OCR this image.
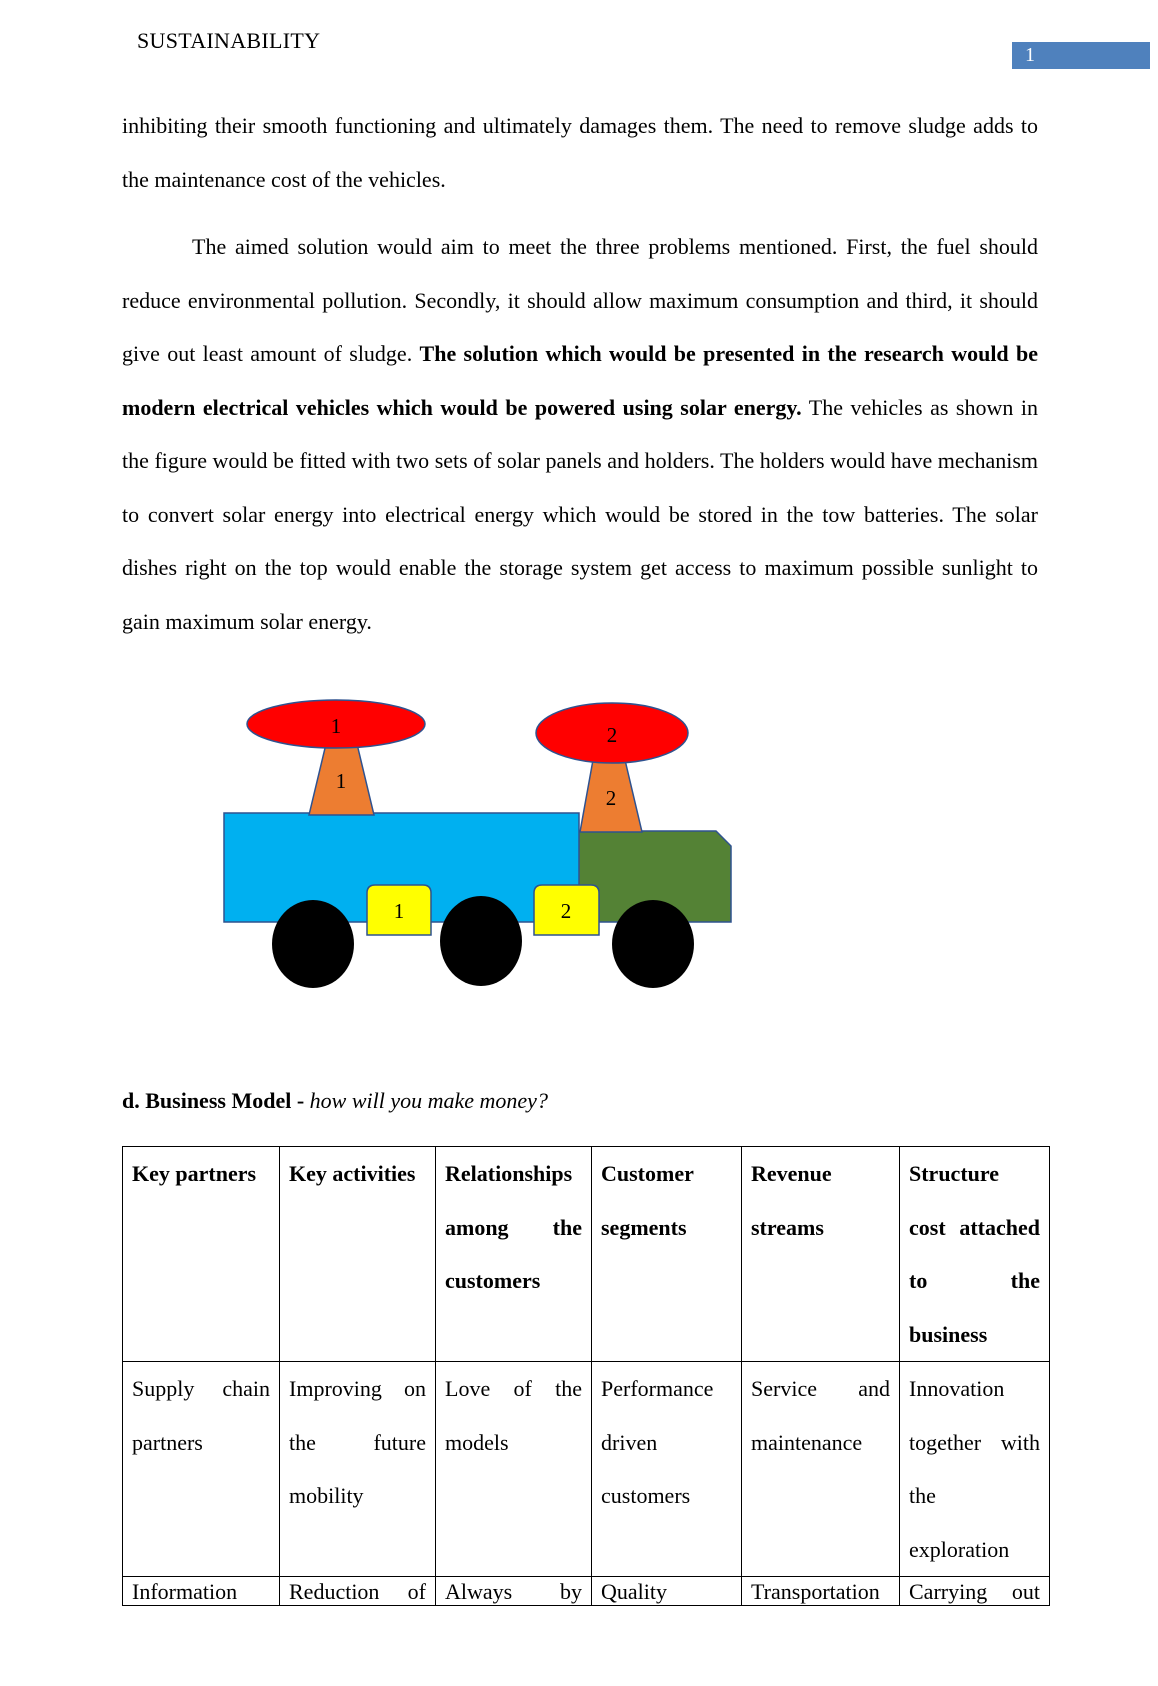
SUSTAINABILITY
1

inhibiting their smooth functioning and ultimately damages them. The need to remove sludge adds to the maintenance cost of the vehicles.

The aimed solution would aim to meet the three problems mentioned. First, the fuel should reduce environmental pollution. Secondly, it should allow maximum consumption and third, it should give out least amount of sludge. The solution which would be presented in the research would be modern electrical vehicles which would be powered using solar energy. The vehicles as shown in the figure would be fitted with two sets of solar panels and holders. The holders would have mechanism to convert solar energy into electrical energy which would be stored in the tow batteries. The solar dishes right on the top would enable the storage system get access to maximum possible sunlight to gain maximum solar energy.

1	2
1
2
1	2

d. Business Model - how will you make money?

Key partners	Key activities	Relationships among the customers	Customer segments	Revenue streams	Structure cost attached to the business
Supply chain partners	Improving on the future mobility	Love of the models	Performance driven customers	Service and maintenance	Innovation together with the exploration
Information	Reduction of	Always by	Quality	Transportation	Carrying out
